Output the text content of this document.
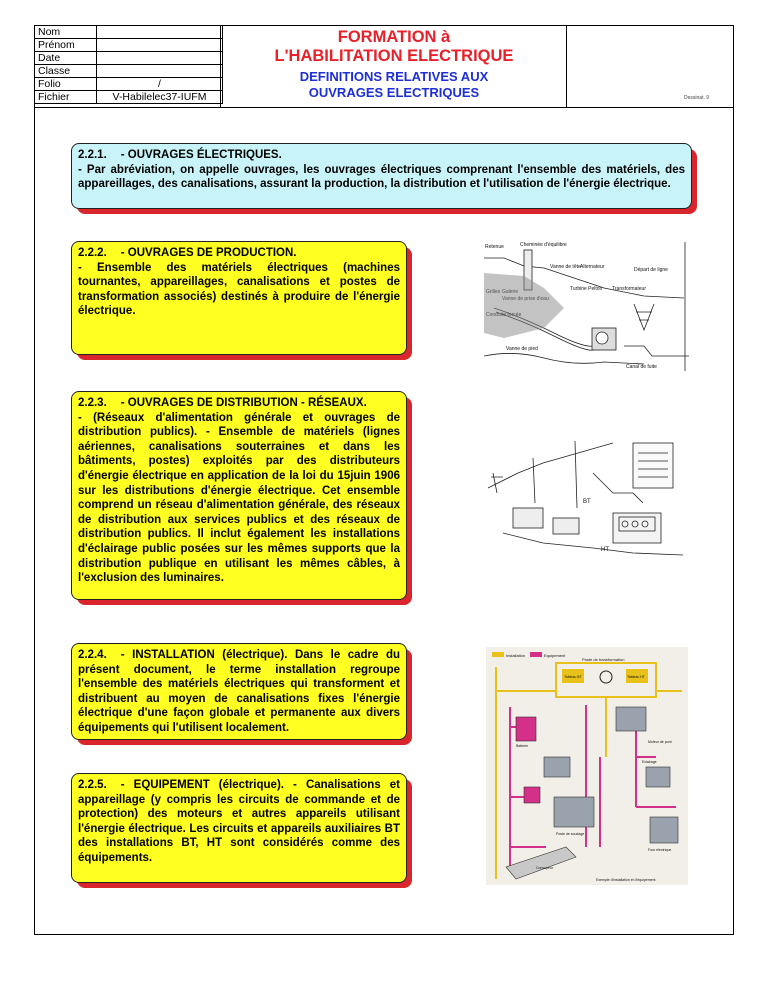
Nom	
Prénom	
Date	
Classe	
Folio	/
Fichier	V-Habilelec37-IUFM
FORMATION à
L'HABILITATION ELECTRIQUE
DEFINITIONS RELATIVES AUX
OUVRAGES ELECTRIQUES	Dessinat. 9
2.2.1. - OUVRAGES ÉLECTRIQUES.
- Par abréviation, on appelle ouvrages, les ouvrages électriques comprenant l'ensemble des matériels, des appareillages, des canalisations, assurant la production, la distribution et l'utilisation de l'énergie électrique.
2.2.2. - OUVRAGES DE PRODUCTION.
- Ensemble des matériels électriques (machines tournantes, appareillages, canalisations et postes de transformation associés) destinés à produire de l'énergie électrique.
2.2.3. - OUVRAGES DE DISTRIBUTION - RÉSEAUX.
- (Réseaux d'alimentation générale et ouvrages de distribution publics). - Ensemble de matériels (lignes aériennes, canalisations souterraines et dans les bâtiments, postes) exploités par des distributeurs d'énergie électrique en application de la loi du 15juin 1906 sur les distributions d'énergie électrique. Cet ensemble comprend un réseau d'alimentation générale, des réseaux de distribution aux services publics et des réseaux de distribution publics. Il inclut également les installations d'éclairage public posées sur les mêmes supports que la distribution publique en utilisant les mêmes câbles, à l'exclusion des luminaires.
2.2.4. - INSTALLATION (électrique). Dans le cadre du présent document, le terme installation regroupe l'ensemble des matériels électriques qui transforment et distribuent au moyen de canalisations fixes l'énergie électrique d'une façon globale et permanente aux divers équipements qui l'utilisent localement.
2.2.5. - EQUIPEMENT (électrique). - Canalisations et appareillage (y compris les circuits de commande et de protection) des moteurs et autres appareils utilisant l'énergie électrique. Les circuits et appareils auxiliaires BT des installations BT, HT sont considérés comme des équipements.
Retenue	Cheminée d'équilibre
Vanne de tête Alternateur	Départ de ligne
Turbine Pelton Transformateur
Vanne de pied
Canal de fuite
BT
HT
Installation	Equipement
Poste de transformation
Tableau BT	Tableau HT
Moteur de pont
Batterie
Eclairage
Poste de soudage
Four électrique
Convoyeur
Exemple d'installation et d'équipement
